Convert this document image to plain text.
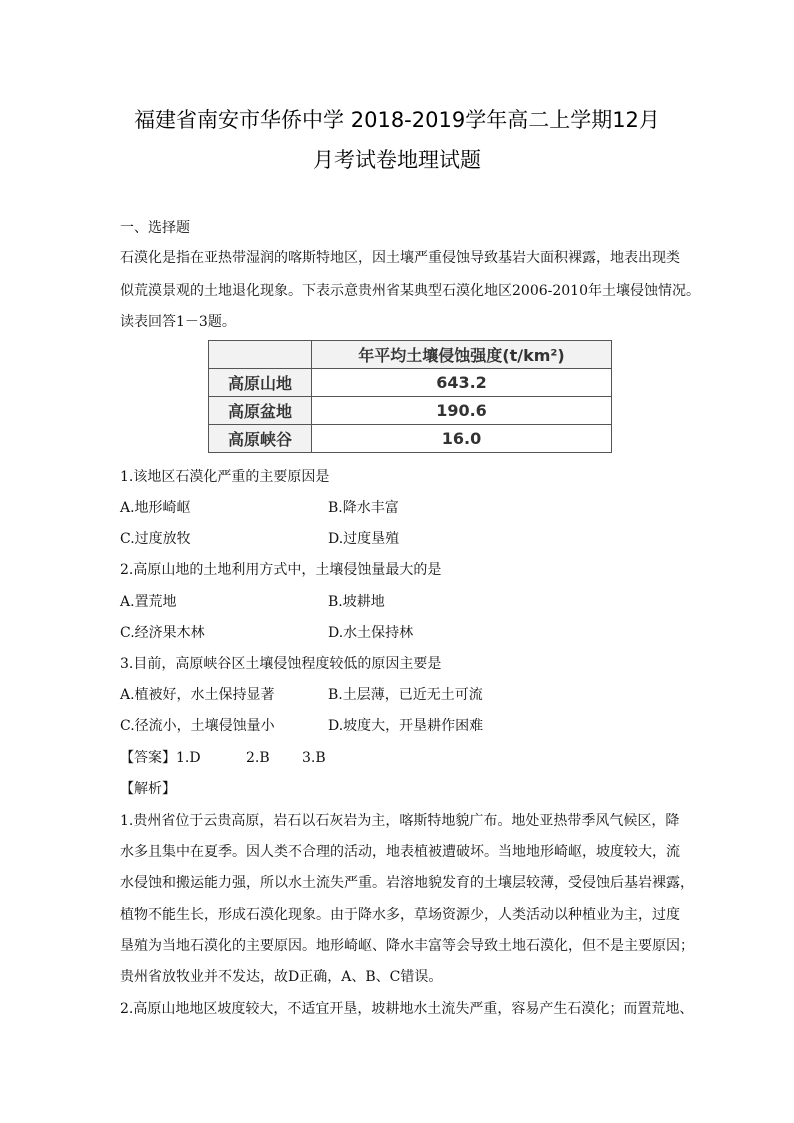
福建省南安市华侨中学 2018-2019学年高二上学期12月
月考试卷地理试题
一、选择题
石漠化是指在亚热带湿润的喀斯特地区，因土壤严重侵蚀导致基岩大面积裸露，地表出现类
似荒漠景观的土地退化现象。下表示意贵州省某典型石漠化地区2006-2010年土壤侵蚀情况。
读表回答1－3题。
	年平均土壤侵蚀强度(t/km²)
高原山地	643.2
高原盆地	190.6
高原峡谷	16.0
1.该地区石漠化严重的主要原因是
A.地形崎岖	B.降水丰富
C.过度放牧	D.过度垦殖
2.高原山地的土地利用方式中，土壤侵蚀量最大的是
A.置荒地	B.坡耕地
C.经济果木林	D.水土保持林
3.目前，高原峡谷区土壤侵蚀程度较低的原因主要是
A.植被好，水土保持显著	B.土层薄，已近无土可流
C.径流小，土壤侵蚀量小	D.坡度大，开垦耕作困难
【答案】 1.D	2.B 3.B
【解析】
1.贵州省位于云贵高原，岩石以石灰岩为主，喀斯特地貌广布。地处亚热带季风气候区，降
水多且集中在夏季。因人类不合理的活动，地表植被遭破坏。当地地形崎岖，坡度较大，流
水侵蚀和搬运能力强，所以水土流失严重。岩溶地貌发育的土壤层较薄，受侵蚀后基岩裸露，
植物不能生长，形成石漠化现象。由于降水多，草场资源少，人类活动以种植业为主，过度
垦殖为当地石漠化的主要原因。地形崎岖、降水丰富等会导致土地石漠化，但不是主要原因；
贵州省放牧业并不发达，故D正确，A、B、C错误。
2.高原山地地区坡度较大，不适宜开垦，坡耕地水土流失严重，容易产生石漠化；而置荒地、
